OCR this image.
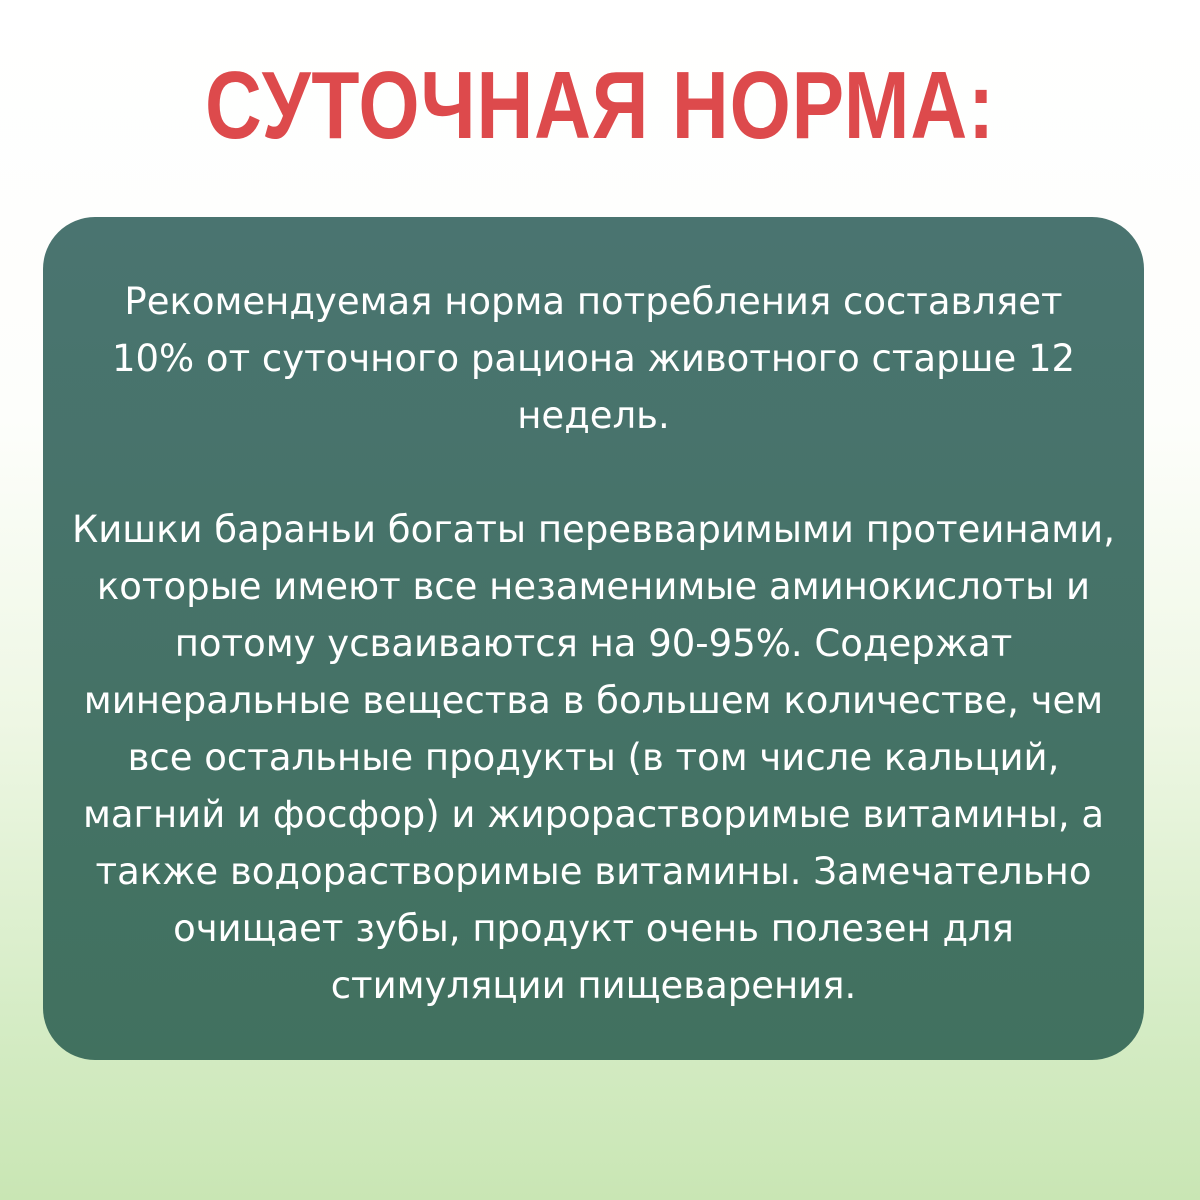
СУТОЧНАЯ НОРМА:

Рекомендуемая норма потребления составляет 10% от суточного рациона животного старше 12 недель.

Кишки бараньи богаты перевваримыми протеинами, которые имеют все незаменимые аминокислоты и потому усваиваются на 90-95%. Содержат минеральные вещества в большем количестве, чем все остальные продукты (в том числе кальций, магний и фосфор) и жирорастворимые витамины, а также водорастворимые витамины. Замечательно очищает зубы, продукт очень полезен для стимуляции пищеварения.
